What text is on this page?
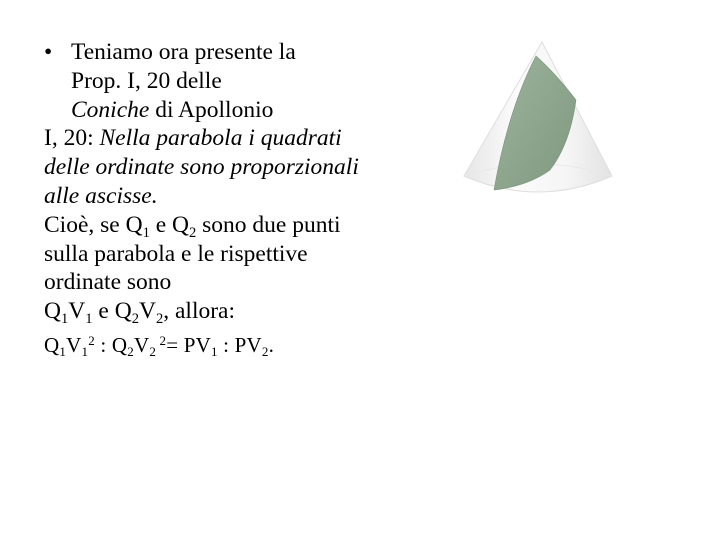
• Teniamo ora presente la
Prop. I, 20 delle
Coniche di Apollonio

I, 20: Nella parabola i quadrati delle ordinate sono proporzionali alle ascisse.

Cioè, se $Q_1$ e $Q_2$ sono due punti sulla parabola e le rispettive ordinate sono

$Q_1V_1$ e $Q_2V_2$, allora:

$Q_1V_1^2$ : $Q_2V_2$ $^2= PV_1$ : $PV_2$.
